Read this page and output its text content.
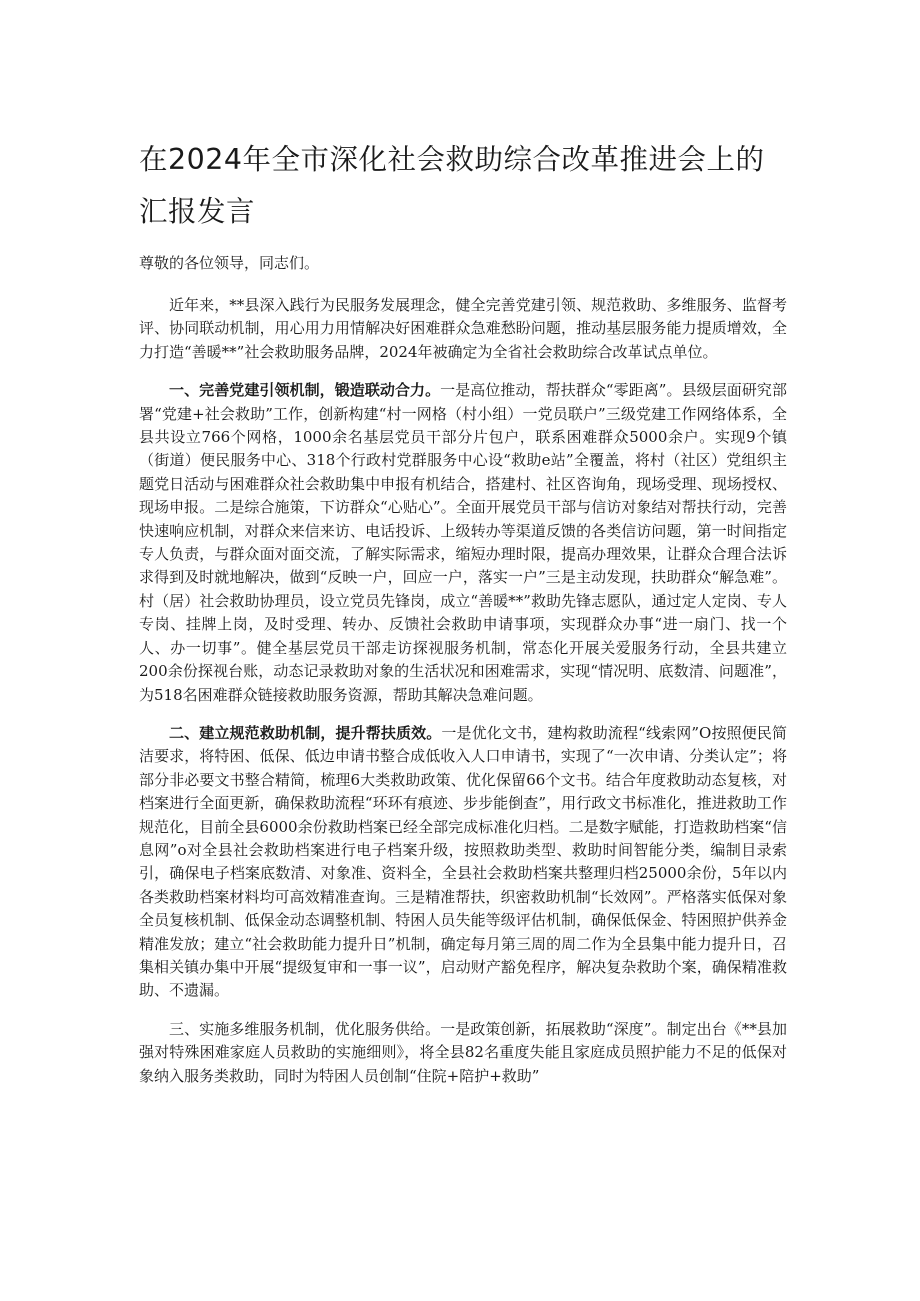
在2024年全市深化社会救助综合改革推进会上的汇报发言

尊敬的各位领导，同志们。

近年来，**县深入践行为民服务发展理念，健全完善党建引领、规范救助、多维服务、监督考评、协同联动机制，用心用力用情解决好困难群众急难愁盼问题，推动基层服务能力提质增效，全力打造“善暖**”社会救助服务品牌，2024年被确定为全省社会救助综合改革试点单位。

一、完善党建引领机制，锻造联动合力。一是高位推动，帮扶群众“零距离”。县级层面研究部署“党建+社会救助”工作，创新构建“村一网格（村小组）一党员联户”三级党建工作网络体系，全县共设立766个网格，1000余名基层党员干部分片包户，联系困难群众5000余户。实现9个镇（街道）便民服务中心、318个行政村党群服务中心设“救助e站”全覆盖，将村（社区）党组织主题党日活动与困难群众社会救助集中申报有机结合，搭建村、社区咨询角，现场受理、现场授权、现场申报。二是综合施策，下访群众“心贴心”。全面开展党员干部与信访对象结对帮扶行动，完善快速响应机制，对群众来信来访、电话投诉、上级转办等渠道反馈的各类信访问题，第一时间指定专人负责，与群众面对面交流，了解实际需求，缩短办理时限，提高办理效果，让群众合理合法诉求得到及时就地解决，做到“反映一户，回应一户，落实一户”三是主动发现，扶助群众“解急难”。村（居）社会救助协理员，设立党员先锋岗，成立“善暖**”救助先锋志愿队，通过定人定岗、专人专岗、挂牌上岗，及时受理、转办、反馈社会救助申请事项，实现群众办事“进一扇门、找一个人、办一切事”。健全基层党员干部走访探视服务机制，常态化开展关爱服务行动，全县共建立200余份探视台账，动态记录救助对象的生活状况和困难需求，实现“情况明、底数清、问题准”，为518名困难群众链接救助服务资源，帮助其解决急难问题。

二、建立规范救助机制，提升帮扶质效。一是优化文书，建构救助流程“线索网”O按照便民简洁要求，将特困、低保、低边申请书整合成低收入人口申请书，实现了“一次申请、分类认定”；将部分非必要文书整合精简，梳理6大类救助政策、优化保留66个文书。结合年度救助动态复核，对档案进行全面更新，确保救助流程“环环有痕迹、步步能倒查”，用行政文书标准化，推进救助工作规范化，目前全县6000余份救助档案已经全部完成标准化归档。二是数字赋能，打造救助档案“信息网”o对全县社会救助档案进行电子档案升级，按照救助类型、救助时间智能分类，编制目录索引，确保电子档案底数清、对象准、资料全，全县社会救助档案共整理归档25000余份，5年以内各类救助档案材料均可高效精准查询。三是精准帮扶，织密救助机制“长效网”。严格落实低保对象全员复核机制、低保金动态调整机制、特困人员失能等级评估机制，确保低保金、特困照护供养金精准发放；建立“社会救助能力提升日”机制，确定每月第三周的周二作为全县集中能力提升日，召集相关镇办集中开展“提级复审和一事一议”，启动财产豁免程序，解决复杂救助个案，确保精准救助、不遗漏。

三、实施多维服务机制，优化服务供给。一是政策创新，拓展救助“深度”。制定出台《**县加强对特殊困难家庭人员救助的实施细则》，将全县82名重度失能且家庭成员照护能力不足的低保对象纳入服务类救助，同时为特困人员创制“住院+陪护+救助”
